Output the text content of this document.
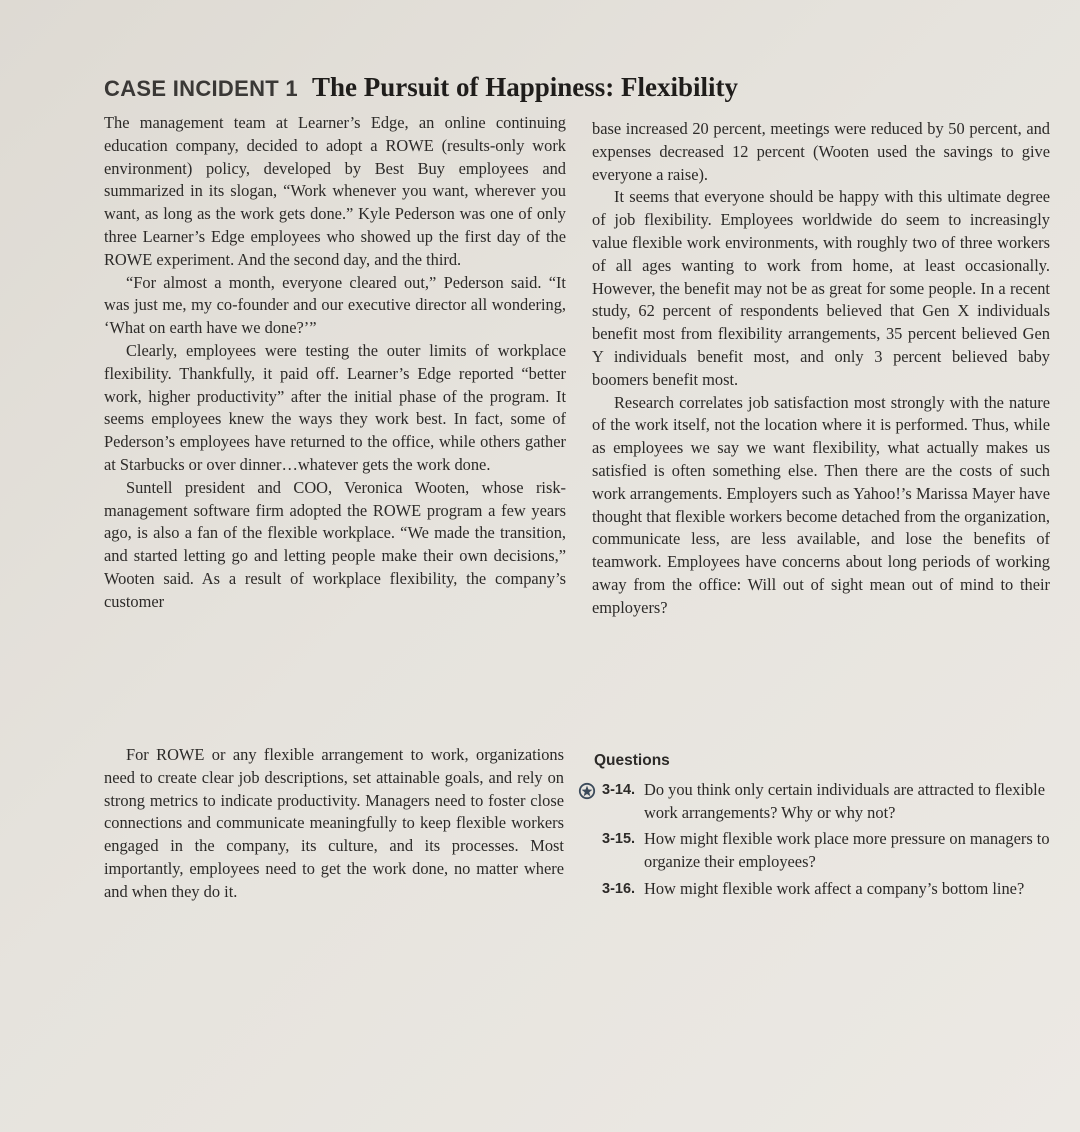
CASE INCIDENT 1 The Pursuit of Happiness: Flexibility

The management team at Learner’s Edge, an online continuing education company, decided to adopt a ROWE (results-only work environment) policy, developed by Best Buy employees and summarized in its slogan, “Work whenever you want, wherever you want, as long as the work gets done.” Kyle Pederson was one of only three Learner’s Edge employees who showed up the first day of the ROWE experiment. And the second day, and the third.

“For almost a month, everyone cleared out,” Pederson said. “It was just me, my co-founder and our executive director all wondering, ‘What on earth have we done?’”

Clearly, employees were testing the outer limits of workplace flexibility. Thankfully, it paid off. Learner’s Edge reported “better work, higher productivity” after the initial phase of the program. It seems employees knew the ways they work best. In fact, some of Pederson’s employees have returned to the office, while others gather at Starbucks or over dinner…whatever gets the work done.

Suntell president and COO, Veronica Wooten, whose risk-management software firm adopted the ROWE program a few years ago, is also a fan of the flexible workplace. “We made the transition, and started letting go and letting people make their own decisions,” Wooten said. As a result of workplace flexibility, the company’s customer

base increased 20 percent, meetings were reduced by 50 percent, and expenses decreased 12 percent (Wooten used the savings to give everyone a raise).

It seems that everyone should be happy with this ultimate degree of job flexibility. Employees worldwide do seem to increasingly value flexible work environments, with roughly two of three workers of all ages wanting to work from home, at least occasionally. However, the benefit may not be as great for some people. In a recent study, 62 percent of respondents believed that Gen X individuals benefit most from flexibility arrangements, 35 percent believed Gen Y individuals benefit most, and only 3 percent believed baby boomers benefit most.

Research correlates job satisfaction most strongly with the nature of the work itself, not the location where it is performed. Thus, while as employees we say we want flexibility, what actually makes us satisfied is often something else. Then there are the costs of such work arrangements. Employers such as Yahoo!’s Marissa Mayer have thought that flexible workers become detached from the organization, communicate less, are less available, and lose the benefits of teamwork. Employees have concerns about long periods of working away from the office: Will out of sight mean out of mind to their employers?

For ROWE or any flexible arrangement to work, organizations need to create clear job descriptions, set attainable goals, and rely on strong metrics to indicate productivity. Managers need to foster close connections and communicate meaningfully to keep flexible workers engaged in the company, its culture, and its processes. Most importantly, employees need to get the work done, no matter where and when they do it.

Questions
3-14. Do you think only certain individuals are attracted to flexible work arrangements? Why or why not?
3-15. How might flexible work place more pressure on managers to organize their employees?
3-16. How might flexible work affect a company’s bottom line?
